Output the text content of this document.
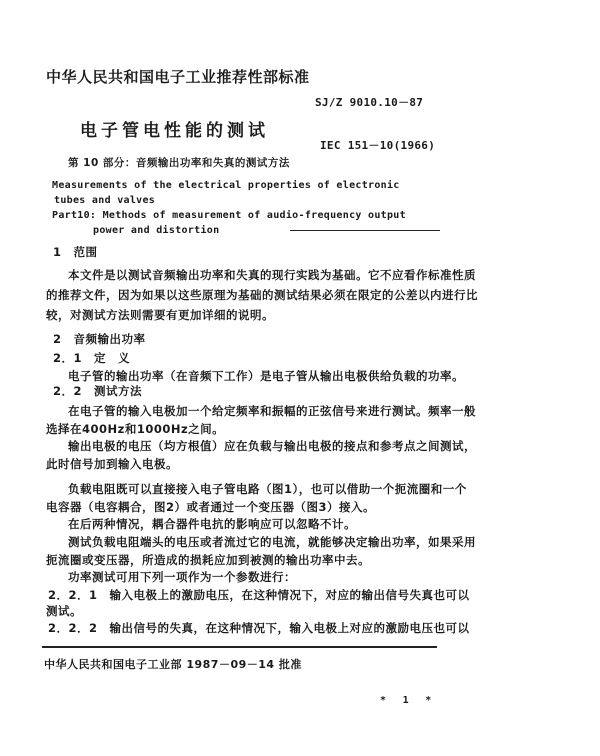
中华人民共和国电子工业推荐性部标准
SJ/Z 9010.10－87
电子管电性能的测试
IEC 151－10(1966)
第 10 部分：音频输出功率和失真的测试方法
Measurements of the electrical properties of electronic
tubes and valves
Part10: Methods of measurement of audio-frequency output
power and distortion
1　范围
本文件是以测试音频输出功率和失真的现行实践为基础。它不应看作标准性质
的推荐文件，因为如果以这些原理为基础的测试结果必须在限定的公差以内进行比
较，对测试方法则需要有更加详细的说明。
2　音频输出功率
2．1　定　义
电子管的输出功率（在音频下工作）是电子管从输出电极供给负载的功率。
2．2　测试方法
在电子管的输入电极加一个给定频率和振幅的正弦信号来进行测试。频率一般
选择在400Hz和1000Hz之间。
输出电极的电压（均方根值）应在负载与输出电极的接点和参考点之间测试，
此时信号加到输入电极。
负载电阻既可以直接接入电子管电路（图1），也可以借助一个扼流圈和一个
电容器（电容耦合，图2）或者通过一个变压器（图3）接入。
在后两种情况，耦合器件电抗的影响应可以忽略不计。
测试负载电阻端头的电压或者流过它的电流，就能够决定输出功率，如果采用
扼流圈或变压器，所造成的损耗应加到被测的输出功率中去。
功率测试可用下列一项作为一个参数进行：
2．2．1　输入电极上的激励电压，在这种情况下，对应的输出信号失真也可以
测试。
2．2．2　输出信号的失真，在这种情况下，输入电极上对应的激励电压也可以
中华人民共和国电子工业部 1987－09－14 批准
* 1 *
